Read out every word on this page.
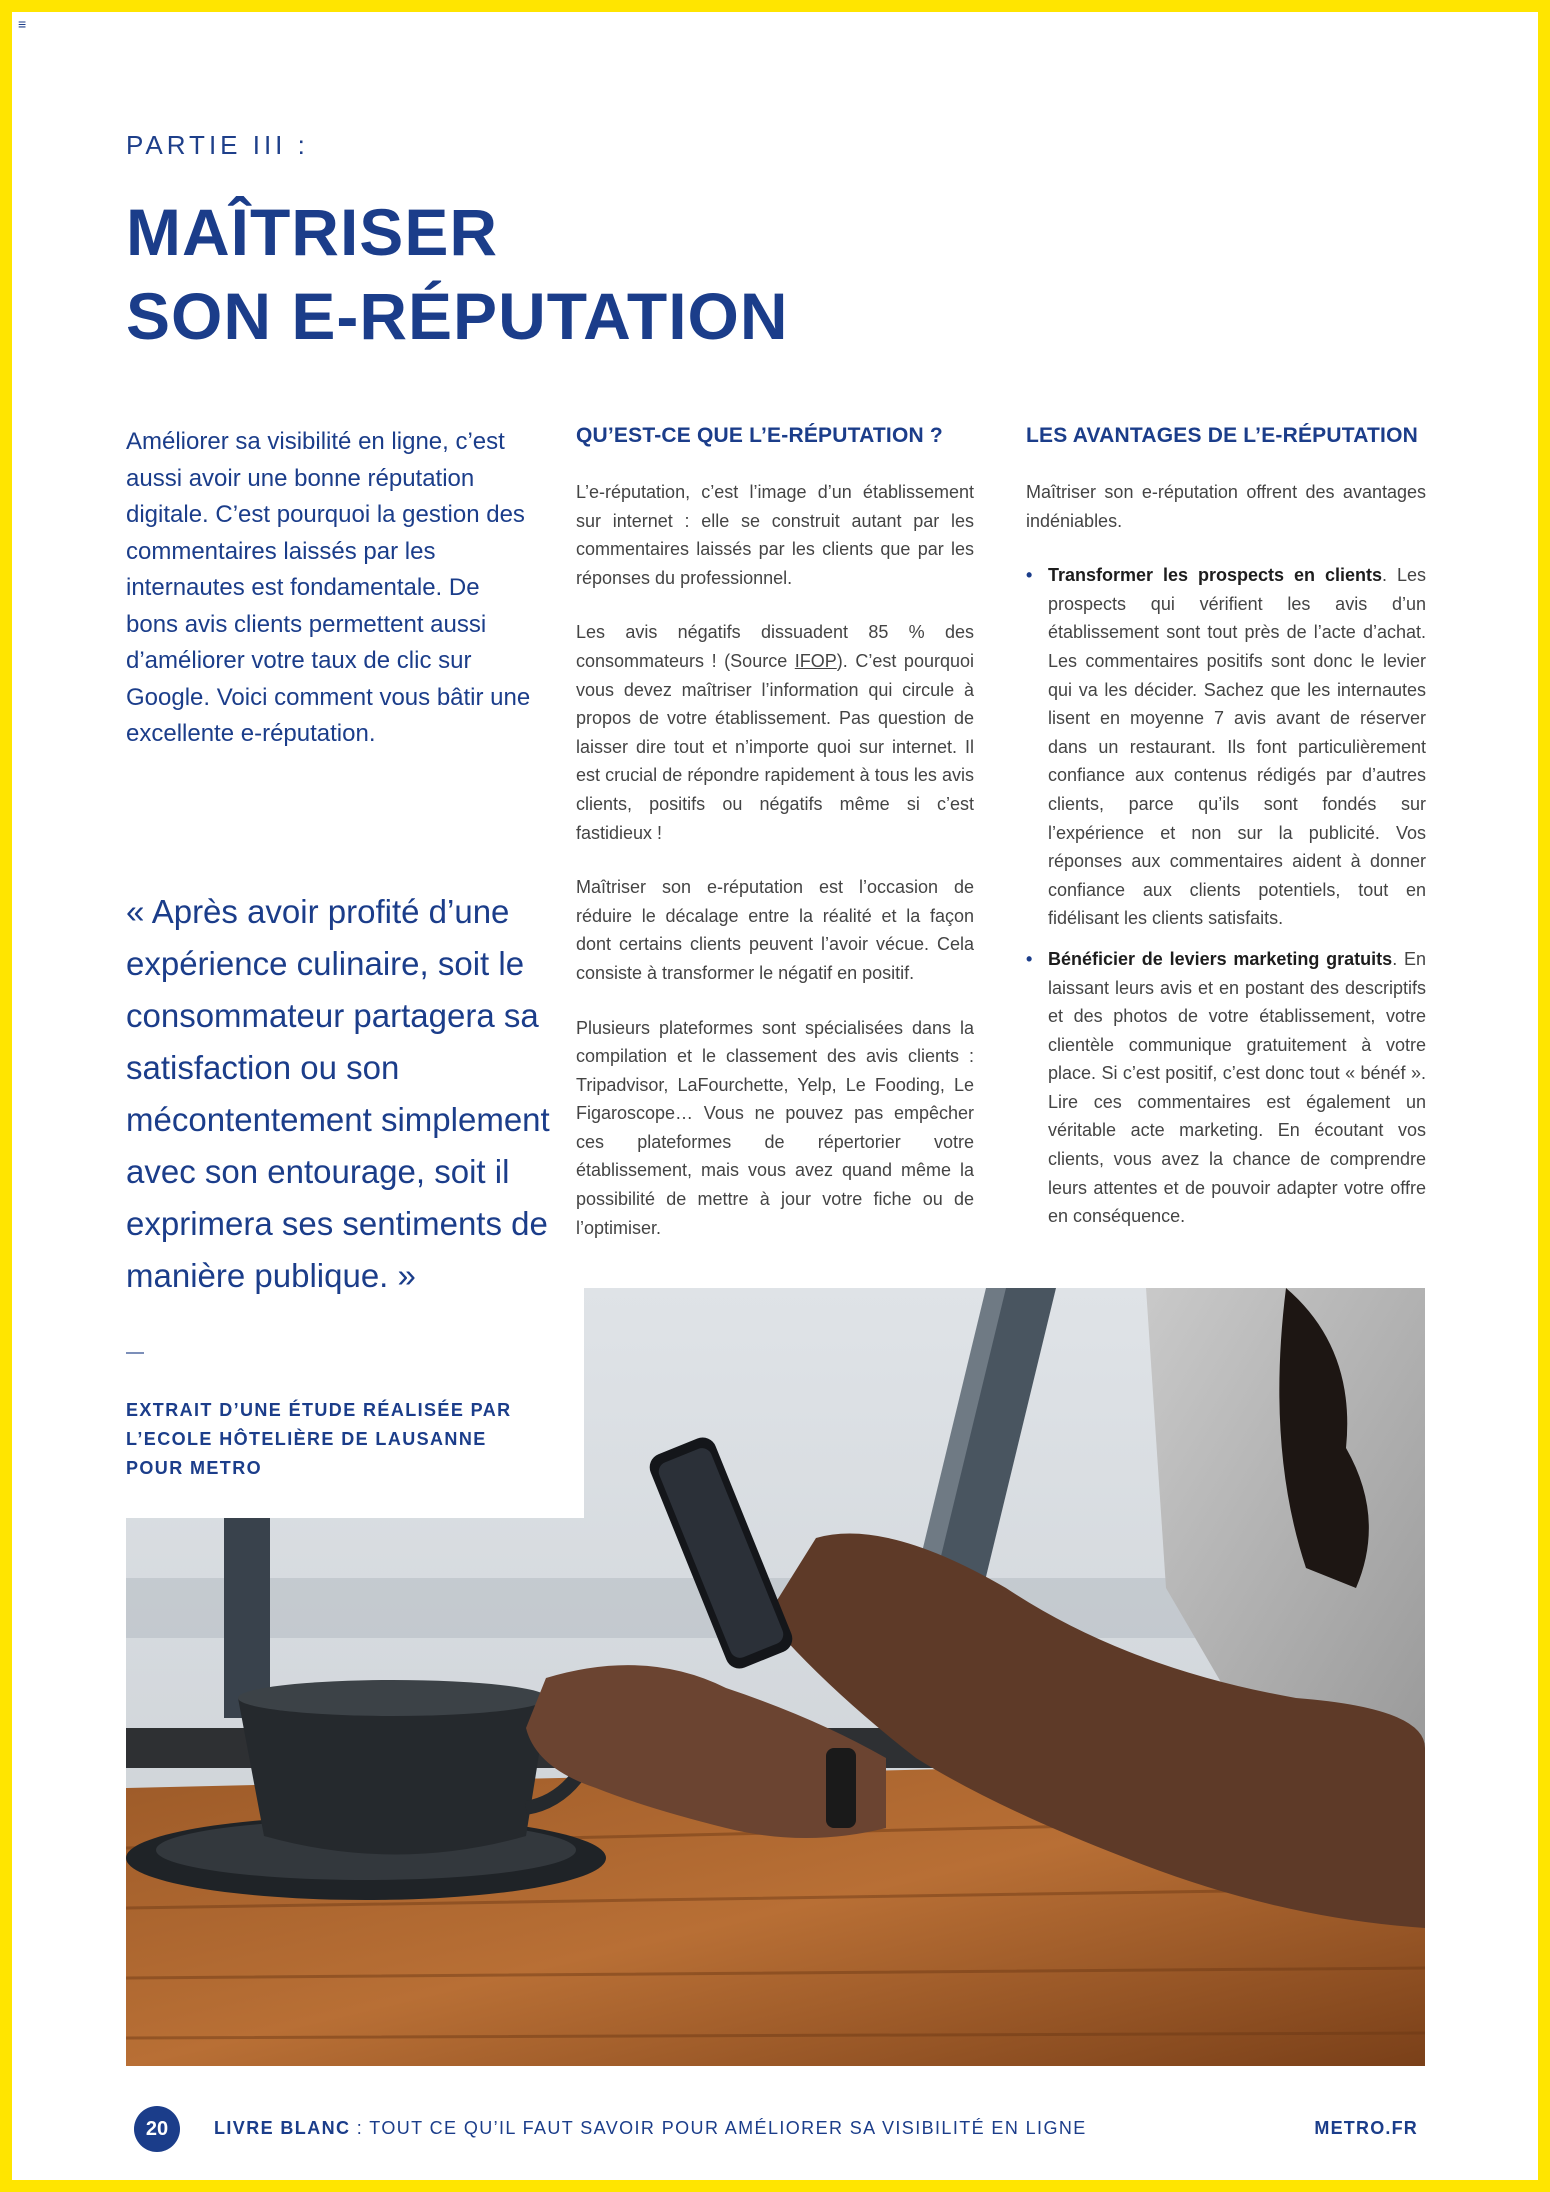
≡
PARTIE III :
MAÎTRISER
SON E-RÉPUTATION

Améliorer sa visibilité en ligne, c’est aussi avoir une bonne réputation digitale. C’est pourquoi la gestion des commentaires laissés par les internautes est fondamentale. De bons avis clients permettent aussi d’améliorer votre taux de clic sur Google. Voici comment vous bâtir une excellente e-réputation.

QU’EST-CE QUE L’E-RÉPUTATION ?

L’e-réputation, c’est l’image d’un établissement sur internet : elle se construit autant par les commentaires laissés par les clients que par les réponses du professionnel.

Les avis négatifs dissuadent 85 % des consommateurs ! (Source IFOP). C’est pourquoi vous devez maîtriser l’information qui circule à propos de votre établissement. Pas question de laisser dire tout et n’importe quoi sur internet. Il est crucial de répondre rapidement à tous les avis clients, positifs ou négatifs même si c’est fastidieux !

Maîtriser son e-réputation est l’occasion de réduire le décalage entre la réalité et la façon dont certains clients peuvent l’avoir vécue. Cela consiste à transformer le négatif en positif.

Plusieurs plateformes sont spécialisées dans la compilation et le classement des avis clients : Tripadvisor, LaFourchette, Yelp, Le Fooding, Le Figaroscope… Vous ne pouvez pas empêcher ces plateformes de répertorier votre établissement, mais vous avez quand même la possibilité de mettre à jour votre fiche ou de l’optimiser.

LES AVANTAGES DE L’E-RÉPUTATION

Maîtriser son e-réputation offrent des avantages indéniables.

• Transformer les prospects en clients. Les prospects qui vérifient les avis d’un établissement sont tout près de l’acte d’achat. Les commentaires positifs sont donc le levier qui va les décider. Sachez que les internautes lisent en moyenne 7 avis avant de réserver dans un restaurant. Ils font particulièrement confiance aux contenus rédigés par d’autres clients, parce qu’ils sont fondés sur l’expérience et non sur la publicité. Vos réponses aux commentaires aident à donner confiance aux clients potentiels, tout en fidélisant les clients satisfaits.
• Bénéficier de leviers marketing gratuits. En laissant leurs avis et en postant des descriptifs et des photos de votre établissement, votre clientèle communique gratuitement à votre place. Si c’est positif, c’est donc tout « bénéf ». Lire ces commentaires est également un véritable acte marketing. En écoutant vos clients, vous avez la chance de comprendre leurs attentes et de pouvoir adapter votre offre en conséquence.

« Après avoir profité d’une expérience culinaire, soit le consommateur partagera sa satisfaction ou son mécontentement simplement avec son entourage, soit il exprimera ses sentiments de manière publique. »

EXTRAIT D’UNE ÉTUDE RÉALISÉE PAR L’ECOLE HÔTELIÈRE DE LAUSANNE POUR METRO

20	LIVRE BLANC : TOUT CE QU’IL FAUT SAVOIR POUR AMÉLIORER SA VISIBILITÉ EN LIGNE	METRO.FR
